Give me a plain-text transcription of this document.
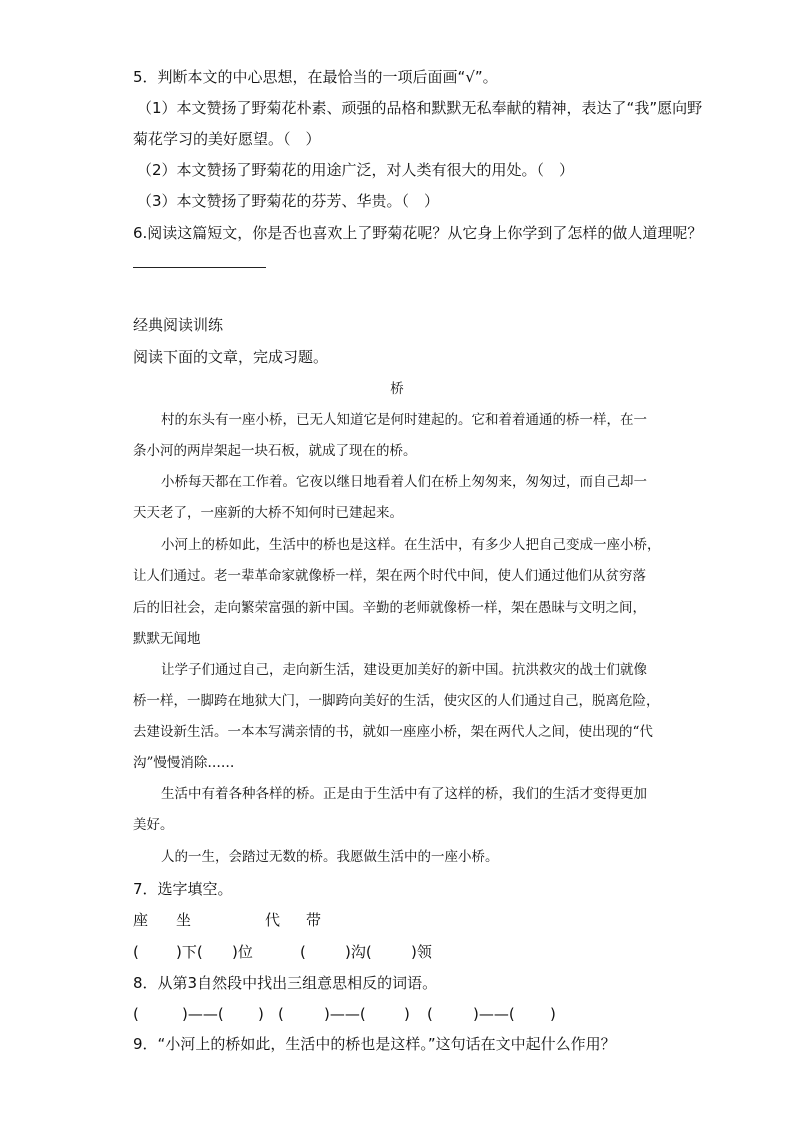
5．判断本文的中心思想，在最恰当的一项后面画“√”。
（1）本文赞扬了野菊花朴素、顽强的品格和默默无私奉献的精神，表达了“我”愿向野
菊花学习的美好愿望。（　）
（2）本文赞扬了野菊花的用途广泛，对人类有很大的用处。（　）
（3）本文赞扬了野菊花的芬芳、华贵。（　）
6.阅读这篇短文，你是否也喜欢上了野菊花呢？从它身上你学到了怎样的做人道理呢？
经典阅读训练
阅读下面的文章，完成习题。
桥
村的东头有一座小桥，已无人知道它是何时建起的。它和着着通通的桥一样，在一
条小河的两岸架起一块石板，就成了现在的桥。
小桥每天都在工作着。它夜以继日地看着人们在桥上匆匆来，匆匆过，而自己却一
天天老了，一座新的大桥不知何时已建起来。
小河上的桥如此，生活中的桥也是这样。在生活中，有多少人把自己变成一座小桥，
让人们通过。老一辈革命家就像桥一样，架在两个时代中间，使人们通过他们从贫穷落
后的旧社会，走向繁荣富强的新中国。辛勤的老师就像桥一样，架在愚昧与文明之间，
默默无闻地
让学子们通过自己，走向新生活，建设更加美好的新中国。抗洪救灾的战士们就像
桥一样，一脚跨在地狱大门，一脚跨向美好的生活，使灾区的人们通过自己，脱离危险，
去建设新生活。一本本写满亲情的书，就如一座座小桥，架在两代人之间，使出现的“代
沟”慢慢消除……
生活中有着各种各样的桥。正是由于生活中有了这样的桥，我们的生活才变得更加
美好。
人的一生，会踏过无数的桥。我愿做生活中的一座小桥。
7．选字填空。
座 坐	代 带
( )下( )位	(	)沟(	)领
8．从第3自然段中找出三组意思相反的词语。
(	)——( ) (	)——(	) (	)——( )
9．“小河上的桥如此，生活中的桥也是这样。”这句话在文中起什么作用？
